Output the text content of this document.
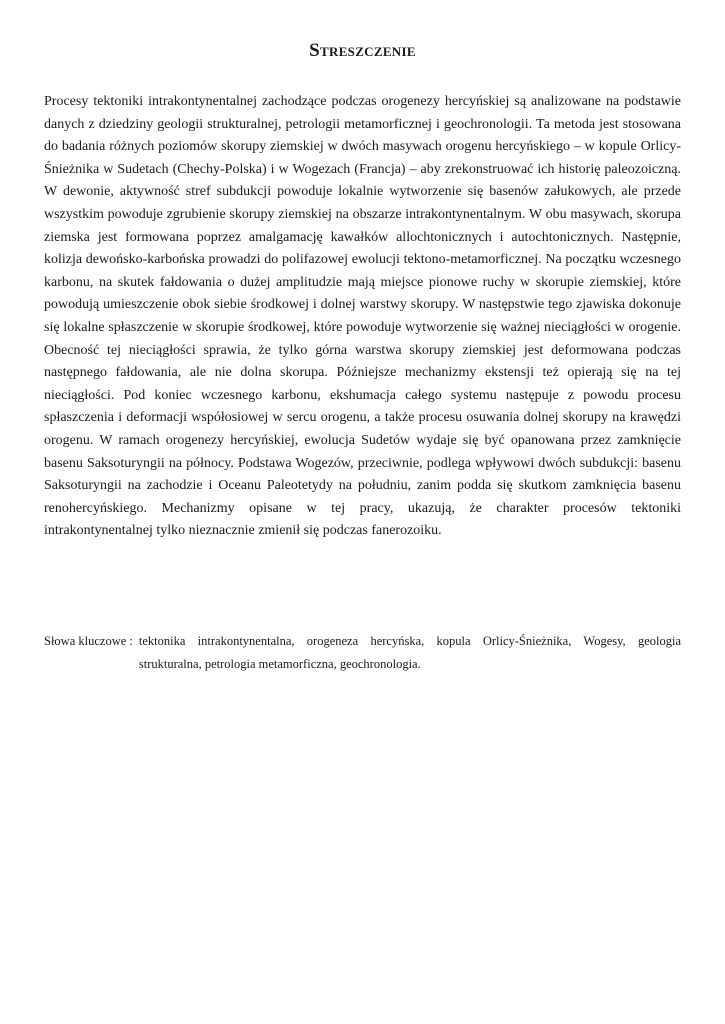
Streszczenie

Procesy tektoniki intrakontynentalnej zachodzące podczas orogenezy hercyńskiej są analizowane na podstawie danych z dziedziny geologii strukturalnej, petrologii metamorficznej i geochronologii. Ta metoda jest stosowana do badania różnych poziomów skorupy ziemskiej w dwóch masywach orogenu hercyńskiego – w kopule Orlicy-Śnieżnika w Sudetach (Chechy-Polska) i w Wogezach (Francja) – aby zrekonstruować ich historię paleozoiczną. W dewonie, aktywność stref subdukcji powoduje lokalnie wytworzenie się basenów załukowych, ale przede wszystkim powoduje zgrubienie skorupy ziemskiej na obszarze intrakontynentalnym. W obu masywach, skorupa ziemska jest formowana poprzez amalgamację kawałków allochtonicznych i autochtonicznych. Następnie, kolizja dewońsko-karbońska prowadzi do polifazowej ewolucji tektono-metamorficznej. Na początku wczesnego karbonu, na skutek fałdowania o dużej amplitudzie mają miejsce pionowe ruchy w skorupie ziemskiej, które powodują umieszczenie obok siebie środkowej i dolnej warstwy skorupy. W następstwie tego zjawiska dokonuje się lokalne spłaszczenie w skorupie środkowej, które powoduje wytworzenie się ważnej nieciągłości w orogenie. Obecność tej nieciągłości sprawia, że tylko górna warstwa skorupy ziemskiej jest deformowana podczas następnego fałdowania, ale nie dolna skorupa. Późniejsze mechanizmy ekstensji też opierają się na tej nieciągłości. Pod koniec wczesnego karbonu, ekshumacja całego systemu następuje z powodu procesu spłaszczenia i deformacji współosiowej w sercu orogenu, a także procesu osuwania dolnej skorupy na krawędzi orogenu. W ramach orogenezy hercyńskiej, ewolucja Sudetów wydaje się być opanowana przez zamknięcie basenu Saksoturyngii na północy. Podstawa Wogezów, przeciwnie, podlega wpływowi dwóch subdukcji: basenu Saksoturyngii na zachodzie i Oceanu Paleotetydy na południu, zanim podda się skutkom zamknięcia basenu renohercyńskiego. Mechanizmy opisane w tej pracy, ukazują, że charakter procesów tektoniki intrakontynentalnej tylko nieznacznie zmienił się podczas fanerozoiku.

Słowa kluczowe : tektonika intrakontynentalna, orogeneza hercyńska, kopula Orlicy-Śnieżnika, Wogesy, geologia strukturalna, petrologia metamorficzna, geochronologia.
